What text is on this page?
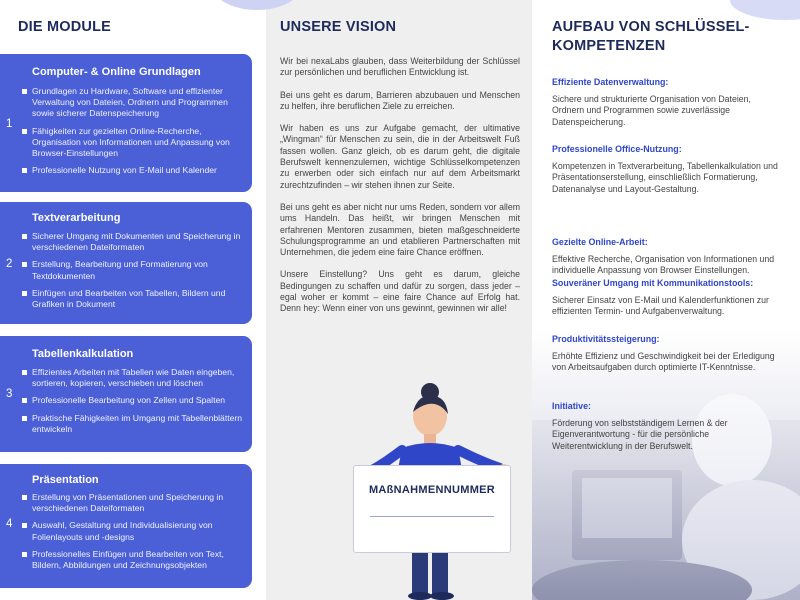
DIE MODULE
1
Computer- & Online Grundlagen
Grundlagen zu Hardware, Software und effizienter Verwaltung von Dateien, Ordnern und Programmen sowie sicherer Datenspeicherung
Fähigkeiten zur gezielten Online-Recherche, Organisation von Informationen und Anpassung von Browser-Einstellungen
Professionelle Nutzung von E-Mail und Kalender
2
Textverarbeitung
Sicherer Umgang mit Dokumenten und Speicherung in verschiedenen Dateiformaten
Erstellung, Bearbeitung und Formatierung von Textdokumenten
Einfügen und Bearbeiten von Tabellen, Bildern und Grafiken in Dokument
3
Tabellenkalkulation
Effizientes Arbeiten mit Tabellen wie Daten eingeben, sortieren, kopieren, verschieben und löschen
Professionelle Bearbeitung von Zellen und Spalten
Praktische Fähigkeiten im Umgang mit Tabellenblättern entwickeln
4
Präsentation
Erstellung von Präsentationen und Speicherung in verschiedenen Dateiformaten
Auswahl, Gestaltung und Individualisierung von Folienlayouts und -designs
Professionelles Einfügen und Bearbeiten von Text, Bildern, Abbildungen und Zeichnungsobjekten
UNSERE VISION

Wir bei nexaLabs glauben, dass Weiterbildung der Schlüssel zur persönlichen und beruflichen Entwicklung ist.

Bei uns geht es darum, Barrieren abzubauen und Menschen zu helfen, ihre beruflichen Ziele zu erreichen.

Wir haben es uns zur Aufgabe gemacht, der ultimative „Wingman“ für Menschen zu sein, die in der Arbeitswelt Fuß fassen wollen. Ganz gleich, ob es darum geht, die digitale Berufswelt kennenzulernen, wichtige Schlüsselkompetenzen zu erwerben oder sich einfach nur auf dem Arbeitsmarkt zurechtzufinden – wir stehen ihnen zur Seite.

Bei uns geht es aber nicht nur ums Reden, sondern vor allem ums Handeln. Das heißt, wir bringen Menschen mit erfahrenen Mentoren zusammen, bieten maßgeschneiderte Schulungsprogramme an und etablieren Partnerschaften mit Unternehmen, die jedem eine faire Chance eröffnen.

Unsere Einstellung? Uns geht es darum, gleiche Bedingungen zu schaffen und dafür zu sorgen, dass jeder – egal woher er kommt – eine faire Chance auf Erfolg hat. Denn hey: Wenn einer von uns gewinnt, gewinnen wir alle!

MAßNAHMENNUMMER
AUFBAU VON SCHLÜSSEL-
KOMPETENZEN
Effiziente Datenverwaltung:
Sichere und strukturierte Organisation von Dateien, Ordnern und Programmen sowie zuverlässige Datenspeicherung.
Professionelle Office-Nutzung:
Kompetenzen in Textverarbeitung, Tabellenkalkulation und Präsentationserstellung, einschließlich Formatierung, Datenanalyse und Layout-Gestaltung.
Gezielte Online-Arbeit:
Effektive Recherche, Organisation von Informationen und individuelle Anpassung von Browser Einstellungen.
Souveräner Umgang mit Kommunikationstools:
Sicherer Einsatz von E-Mail und Kalenderfunktionen zur effizienten Termin- und Aufgabenverwaltung.
Produktivitätssteigerung:
Erhöhte Effizienz und Geschwindigkeit bei der Erledigung von Arbeitsaufgaben durch optimierte IT-Kenntnisse.
Initiative:
Förderung von selbstständigem Lernen & der Eigenverantwortung - für die persönliche Weiterentwicklung in der Berufswelt.
